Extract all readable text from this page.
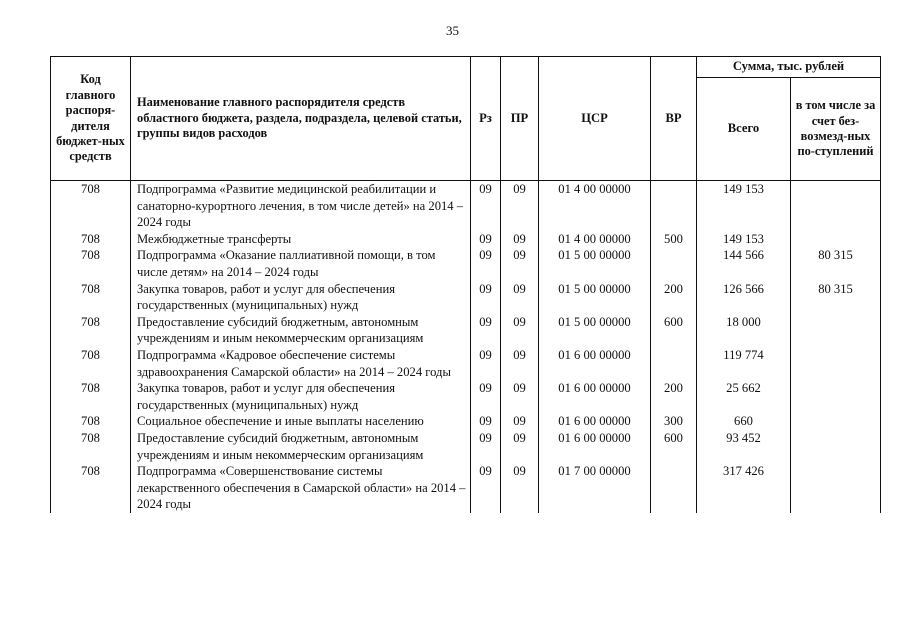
35
Код главного распоря-дителя бюджет-ных средств	Наименование главного распорядителя средств областного бюджета, раздела, подраздела, целевой статьи, группы видов расходов	Рз	ПР	ЦСР	ВР	Сумма, тыс. рублей	
						Всего	в том числе за счет без-возмезд-ных по-ступлений
708	Подпрограмма «Развитие медицинской реабилитации и санаторно-курортного лечения, в том числе детей» на 2014 – 2024 годы	09	09	01 4 00 00000		149 153	
708	Межбюджетные трансферты	09	09	01 4 00 00000	500	149 153	
708	Подпрограмма «Оказание паллиативной помощи, в том числе детям» на 2014 – 2024 годы	09	09	01 5 00 00000		144 566	80 315
708	Закупка товаров, работ и услуг для обеспечения государственных (муниципальных) нужд	09	09	01 5 00 00000	200	126 566	80 315
708	Предоставление субсидий бюджетным, автономным учреждениям и иным некоммерческим организациям	09	09	01 5 00 00000	600	18 000	
708	Подпрограмма «Кадровое обеспечение системы здравоохранения Самарской области» на 2014 – 2024 годы	09	09	01 6 00 00000		119 774	
708	Закупка товаров, работ и услуг для обеспечения государственных (муниципальных) нужд	09	09	01 6 00 00000	200	25 662	
708	Социальное обеспечение и иные выплаты населению	09	09	01 6 00 00000	300	660	
708	Предоставление субсидий бюджетным, автономным учреждениям и иным некоммерческим организациям	09	09	01 6 00 00000	600	93 452	
708	Подпрограмма «Совершенствование системы лекарственного обеспечения в Самарской области» на 2014 – 2024 годы	09	09	01 7 00 00000		317 426	
